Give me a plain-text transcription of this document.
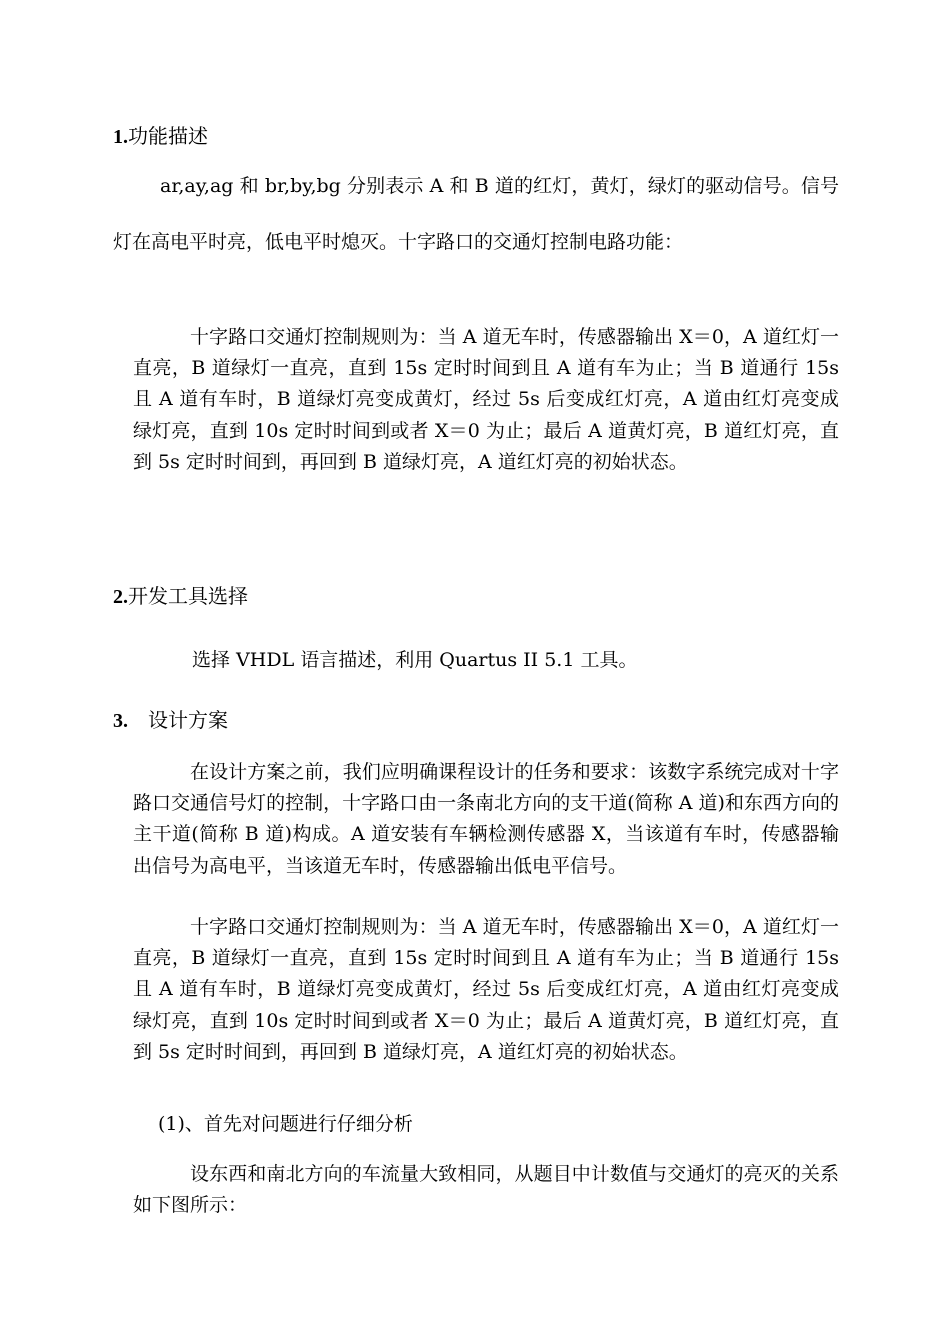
1.功能描述

ar,ay,ag 和 br,by,bg 分别表示 A 和 B 道的红灯，黄灯，绿灯的驱动信号。信号灯在高电平时亮，低电平时熄灭。十字路口的交通灯控制电路功能：

十字路口交通灯控制规则为：当 A 道无车时，传感器输出 X＝0，A 道红灯一直亮，B 道绿灯一直亮，直到 15s 定时时间到且 A 道有车为止；当 B 道通行 15s 且 A 道有车时，B 道绿灯亮变成黄灯，经过 5s 后变成红灯亮，A 道由红灯亮变成绿灯亮，直到 10s 定时时间到或者 X＝0 为止；最后 A 道黄灯亮，B 道红灯亮，直到 5s 定时时间到，再回到 B 道绿灯亮，A 道红灯亮的初始状态。

2.开发工具选择
选择 VHDL 语言描述，利用 Quartus II 5.1 工具。
3. 设计方案

在设计方案之前，我们应明确课程设计的任务和要求：该数字系统完成对十字路口交通信号灯的控制，十字路口由一条南北方向的支干道(简称 A 道)和东西方向的主干道(简称 B 道)构成。A 道安装有车辆检测传感器 X，当该道有车时，传感器输出信号为高电平，当该道无车时，传感器输出低电平信号。

十字路口交通灯控制规则为：当 A 道无车时，传感器输出 X＝0，A 道红灯一直亮，B 道绿灯一直亮，直到 15s 定时时间到且 A 道有车为止；当 B 道通行 15s 且 A 道有车时，B 道绿灯亮变成黄灯，经过 5s 后变成红灯亮，A 道由红灯亮变成绿灯亮，直到 10s 定时时间到或者 X＝0 为止；最后 A 道黄灯亮，B 道红灯亮，直到 5s 定时时间到，再回到 B 道绿灯亮，A 道红灯亮的初始状态。

(1)、首先对问题进行仔细分析

设东西和南北方向的车流量大致相同，从题目中计数值与交通灯的亮灭的关系如下图所示：
